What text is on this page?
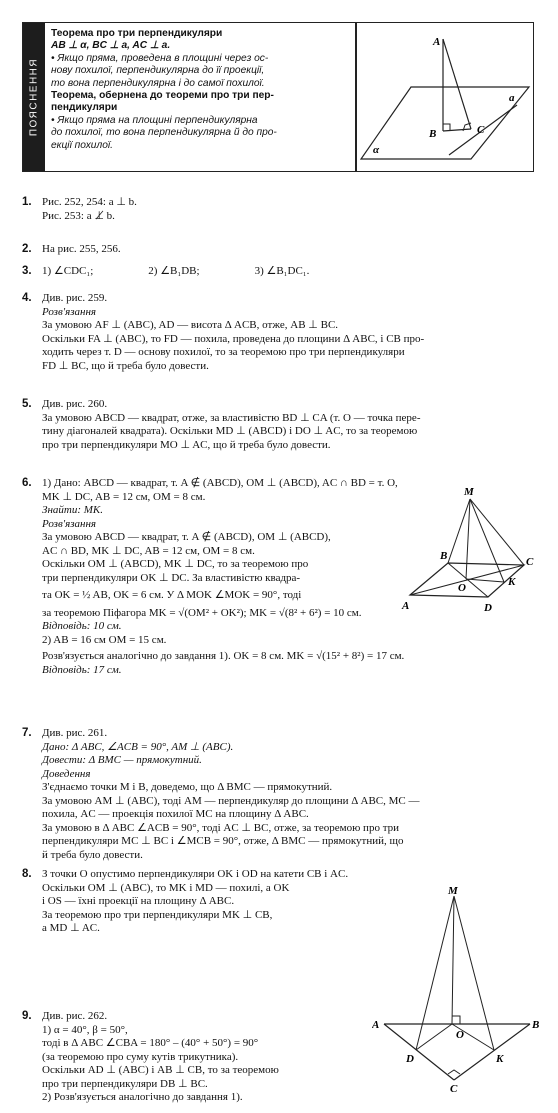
ПОЯСНЕННЯ
Теорема про три перпендикуляри
AB ⊥ α, BC ⊥ a, AC ⊥ a.
• Якщо пряма, проведена в площині через ос-
нову похилої, перпендикулярна до її проекції,
то вона перпендикулярна і до самої похилої.
Теорема, обернена до теореми про три пер-
пендикуляри
• Якщо пряма на площині перпендикулярна
до похилої, то вона перпендикулярна й до про-
екції похилої.
A
B	C
a
α
1. Рис. 252, 254: a ⊥ b.
Рис. 253: a ⊥̸ b.
2. На рис. 255, 256.
3. 1) ∠CDC₁;                    2) ∠B₁DB;                    3) ∠B₁DC₁.
4. Див. рис. 259.
Розв'язання
За умовою AF ⊥ (ABC), AD — висота Δ ACB, отже, AB ⊥ BC.
Оскільки FA ⊥ (ABC), то FD — похила, проведена до площини Δ ABC, і CB про-
ходить через т. D — основу похилої, то за теоремою про три перпендикуляри
FD ⊥ BC, що й треба було довести.
5. Див. рис. 260.
За умовою ABCD — квадрат, отже, за властивістю BD ⊥ CA (т. O — точка пере-
тину діагоналей квадрата). Оскільки MD ⊥ (ABCD) і DO ⊥ AC, то за теоремою
про три перпендикуляри MO ⊥ AC, що й треба було довести.
6. 1) Дано: ABCD — квадрат, т. A ∉ (ABCD), OM ⊥ (ABCD), AC ∩ BD = т. O,
MK ⊥ DC, AB = 12 см, OM = 8 см.
Знайти: MK.
Розв'язання
За умовою ABCD — квадрат, т. A ∉ (ABCD), OM ⊥ (ABCD),
AC ∩ BD, MK ⊥ DC, AB = 12 см, OM = 8 см.
Оскільки OM ⊥ (ABCD), MK ⊥ DC, то за теоремою про
три перпендикуляри OK ⊥ DC. За властивістю квадра-
та OK = ½ AB, OK = 6 см. У Δ MOK ∠MOK = 90°, тоді
за теоремою Піфагора MK = √(OM² + OK²); MK = √(8² + 6²) = 10 см.
Відповідь: 10 см.
2) AB = 16 см OM = 15 см.
Розв'язується аналогічно до завдання 1). OK = 8 см. MK = √(15² + 8²) = 17 см.
Відповідь: 17 см.
M
B	C
O	K
A	D
7. Див. рис. 261.
Дано: Δ ABC, ∠ACB = 90°, AM ⊥ (ABC).
Довести: Δ BMC — прямокутний.
Доведення
З'єднаємо точки M і B, доведемо, що Δ BMC — прямокутний.
За умовою AM ⊥ (ABC), тоді AM — перпендикуляр до площини Δ ABC, MC —
похила, AC — проекція похилої MC на площину Δ ABC.
За умовою в Δ ABC ∠ACB = 90°, тоді AC ⊥ BC, отже, за теоремою про три
перпендикуляри MC ⊥ BC і ∠MCB = 90°, отже, Δ BMC — прямокутний, що
й треба було довести.
8. З точки O опустимо перпендикуляри OK і OD на катети CB і AC.
Оскільки OM ⊥ (ABC), то MK і MD — похилі, а OK
і OS — їхні проекції на площину Δ ABC.
За теоремою про три перпендикуляри MK ⊥ CB,
а MD ⊥ AC.
M
A	B
O
D	K
C
9. Див. рис. 262.
1) α = 40°, β = 50°,
тоді в Δ ABC ∠CBA = 180° – (40° + 50°) = 90°
(за теоремою про суму кутів трикутника).
Оскільки AD ⊥ (ABC) і AB ⊥ CB, то за теоремою
про три перпендикуляри DB ⊥ BC.
2) Розв'язується аналогічно до завдання 1).
